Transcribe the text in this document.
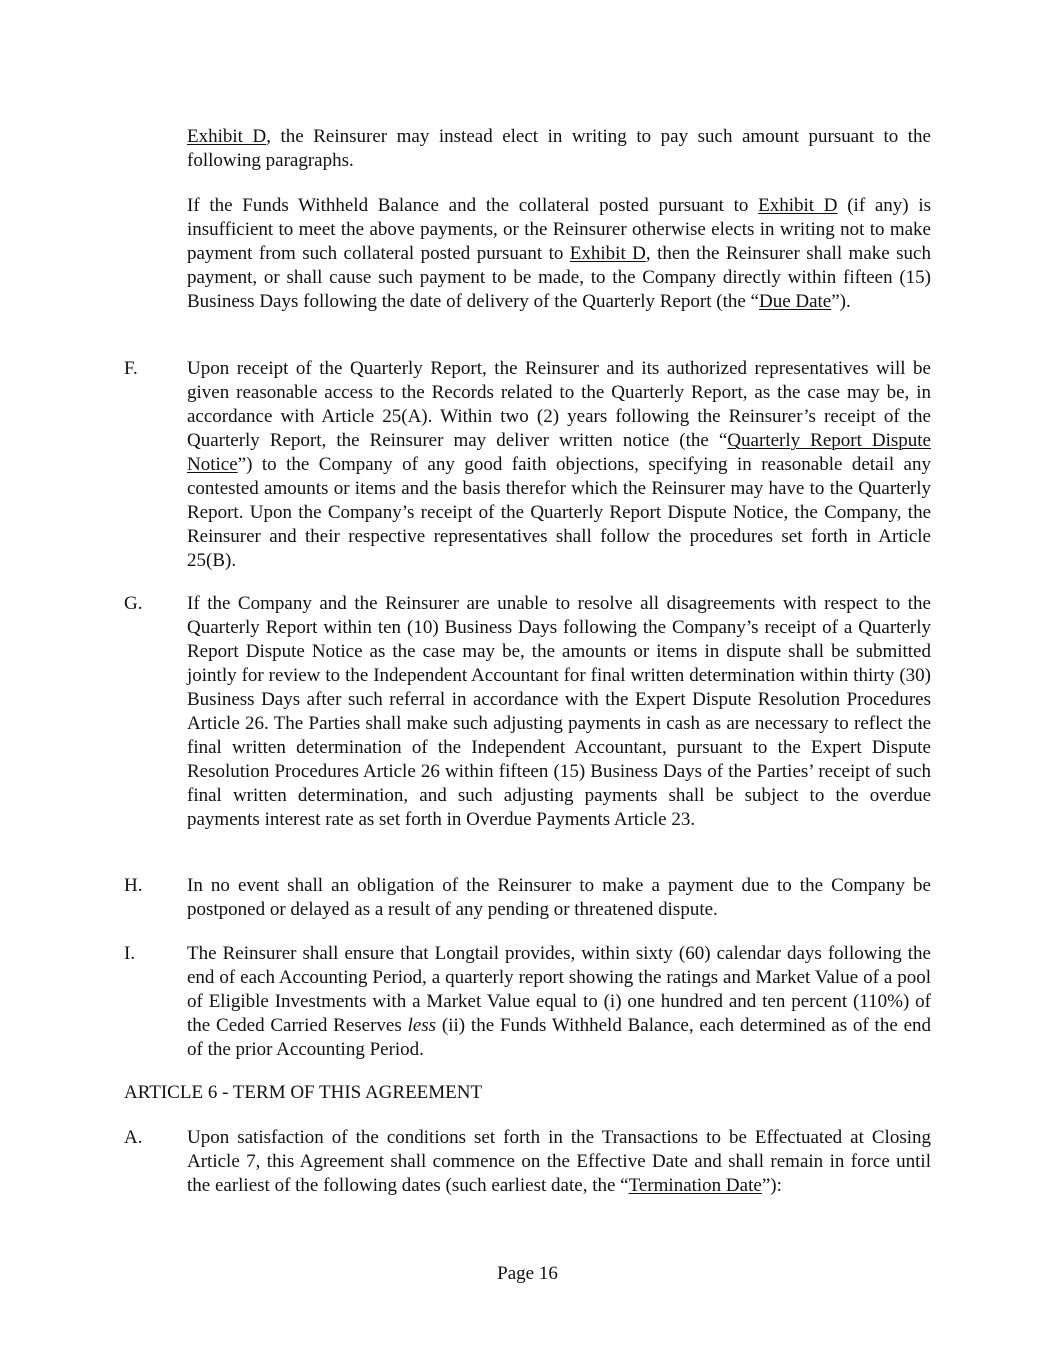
Exhibit D, the Reinsurer may instead elect in writing to pay such amount pursuant to the following paragraphs.

If the Funds Withheld Balance and the collateral posted pursuant to Exhibit D (if any) is insufficient to meet the above payments, or the Reinsurer otherwise elects in writing not to make payment from such collateral posted pursuant to Exhibit D, then the Reinsurer shall make such payment, or shall cause such payment to be made, to the Company directly within fifteen (15) Business Days following the date of delivery of the Quarterly Report (the “Due Date”).

F.	Upon receipt of the Quarterly Report, the Reinsurer and its authorized representatives will be given reasonable access to the Records related to the Quarterly Report, as the case may be, in accordance with Article 25(A). Within two (2) years following the Reinsurer’s receipt of the Quarterly Report, the Reinsurer may deliver written notice (the “Quarterly Report Dispute Notice”) to the Company of any good faith objections, specifying in reasonable detail any contested amounts or items and the basis therefor which the Reinsurer may have to the Quarterly Report. Upon the Company’s receipt of the Quarterly Report Dispute Notice, the Company, the Reinsurer and their respective representatives shall follow the procedures set forth in Article 25(B).

G.	If the Company and the Reinsurer are unable to resolve all disagreements with respect to the Quarterly Report within ten (10) Business Days following the Company’s receipt of a Quarterly Report Dispute Notice as the case may be, the amounts or items in dispute shall be submitted jointly for review to the Independent Accountant for final written determination within thirty (30) Business Days after such referral in accordance with the Expert Dispute Resolution Procedures Article 26. The Parties shall make such adjusting payments in cash as are necessary to reflect the final written determination of the Independent Accountant, pursuant to the Expert Dispute Resolution Procedures Article 26 within fifteen (15) Business Days of the Parties’ receipt of such final written determination, and such adjusting payments shall be subject to the overdue payments interest rate as set forth in Overdue Payments Article 23.

H.	In no event shall an obligation of the Reinsurer to make a payment due to the Company be postponed or delayed as a result of any pending or threatened dispute.

I.	The Reinsurer shall ensure that Longtail provides, within sixty (60) calendar days following the end of each Accounting Period, a quarterly report showing the ratings and Market Value of a pool of Eligible Investments with a Market Value equal to (i) one hundred and ten percent (110%) of the Ceded Carried Reserves less (ii) the Funds Withheld Balance, each determined as of the end of the prior Accounting Period.

ARTICLE 6 - TERM OF THIS AGREEMENT

A.	Upon satisfaction of the conditions set forth in the Transactions to be Effectuated at Closing Article 7, this Agreement shall commence on the Effective Date and shall remain in force until the earliest of the following dates (such earliest date, the “Termination Date”):

Page 16
